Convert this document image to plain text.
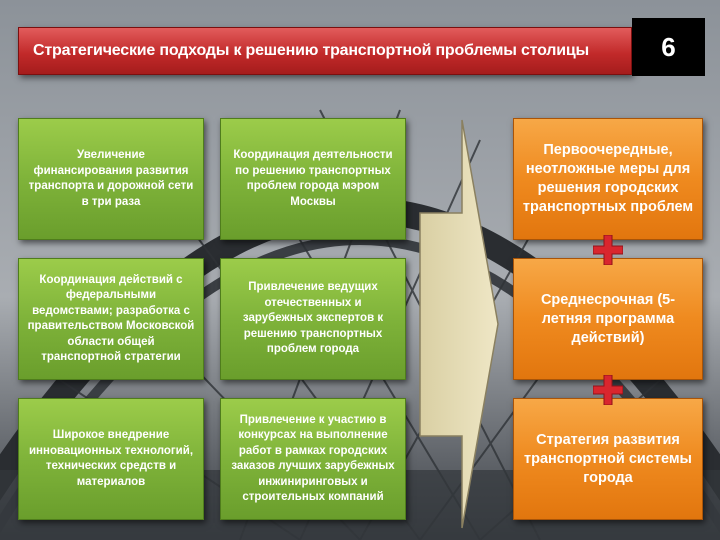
Стратегические подходы к решению транспортной проблемы столицы	6
Увеличение финансирования развития транспорта и дорожной сети в три раза
Координация деятельности по решению транспортных проблем города мэром Москвы
Координация действий с федеральными ведомствами; разработка с правительством Московской области общей транспортной стратегии
Привлечение ведущих отечественных и зарубежных экспертов к решению транспортных проблем города
Широкое внедрение инновационных технологий, технических средств и материалов
Привлечение к участию в конкурсах на выполнение работ в рамках городских заказов лучших зарубежных инжиниринговых и строительных компаний
Первоочередные, неотложные меры для решения городских транспортных проблем
Среднесрочная (5-летняя программа действий)
Стратегия развития транспортной системы города
